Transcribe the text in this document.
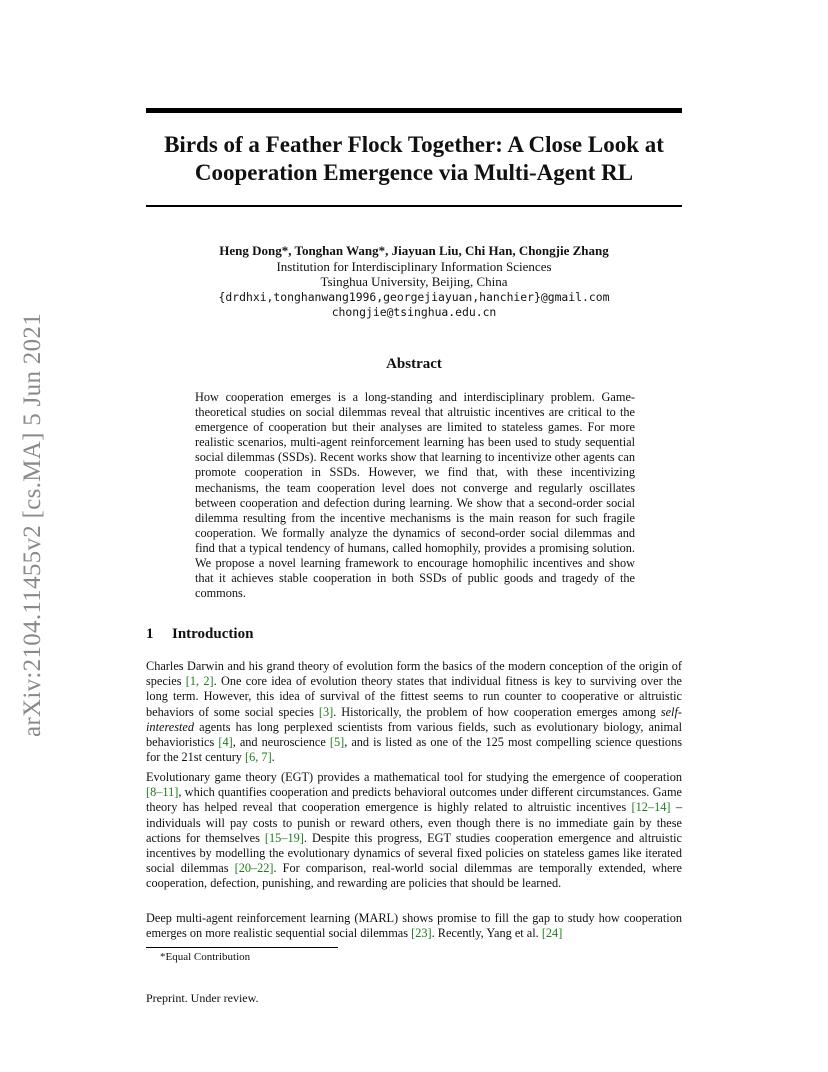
arXiv:2104.11455v2 [cs.MA] 5 Jun 2021
Birds of a Feather Flock Together: A Close Look at
Cooperation Emergence via Multi-Agent RL
Heng Dong*, Tonghan Wang*, Jiayuan Liu, Chi Han, Chongjie Zhang
Institution for Interdisciplinary Information Sciences
Tsinghua University, Beijing, China
{drdhxi,tonghanwang1996,georgejiayuan,hanchier}@gmail.com
chongjie@tsinghua.edu.cn
Abstract

How cooperation emerges is a long-standing and interdisciplinary problem. Game-theoretical studies on social dilemmas reveal that altruistic incentives are critical to the emergence of cooperation but their analyses are limited to stateless games. For more realistic scenarios, multi-agent reinforcement learning has been used to study sequential social dilemmas (SSDs). Recent works show that learning to incentivize other agents can promote cooperation in SSDs. However, we find that, with these incentivizing mechanisms, the team cooperation level does not converge and regularly oscillates between cooperation and defection during learning. We show that a second-order social dilemma resulting from the incentive mechanisms is the main reason for such fragile cooperation. We formally analyze the dynamics of second-order social dilemmas and find that a typical tendency of humans, called homophily, provides a promising solution. We propose a novel learning framework to encourage homophilic incentives and show that it achieves stable cooperation in both SSDs of public goods and tragedy of the commons.

1 Introduction

Charles Darwin and his grand theory of evolution form the basics of the modern conception of the origin of species [1, 2]. One core idea of evolution theory states that individual fitness is key to surviving over the long term. However, this idea of survival of the fittest seems to run counter to cooperative or altruistic behaviors of some social species [3]. Historically, the problem of how cooperation emerges among self-interested agents has long perplexed scientists from various fields, such as evolutionary biology, animal behavioristics [4], and neuroscience [5], and is listed as one of the 125 most compelling science questions for the 21st century [6, 7].

Evolutionary game theory (EGT) provides a mathematical tool for studying the emergence of cooperation [8–11], which quantifies cooperation and predicts behavioral outcomes under different circumstances. Game theory has helped reveal that cooperation emergence is highly related to altruistic incentives [12–14] – individuals will pay costs to punish or reward others, even though there is no immediate gain by these actions for themselves [15–19]. Despite this progress, EGT studies cooperation emergence and altruistic incentives by modelling the evolutionary dynamics of several fixed policies on stateless games like iterated social dilemmas [20–22]. For comparison, real-world social dilemmas are temporally extended, where cooperation, defection, punishing, and rewarding are policies that should be learned.

Deep multi-agent reinforcement learning (MARL) shows promise to fill the gap to study how cooperation emerges on more realistic sequential social dilemmas [23]. Recently, Yang et al. [24]

*Equal Contribution
Preprint. Under review.
